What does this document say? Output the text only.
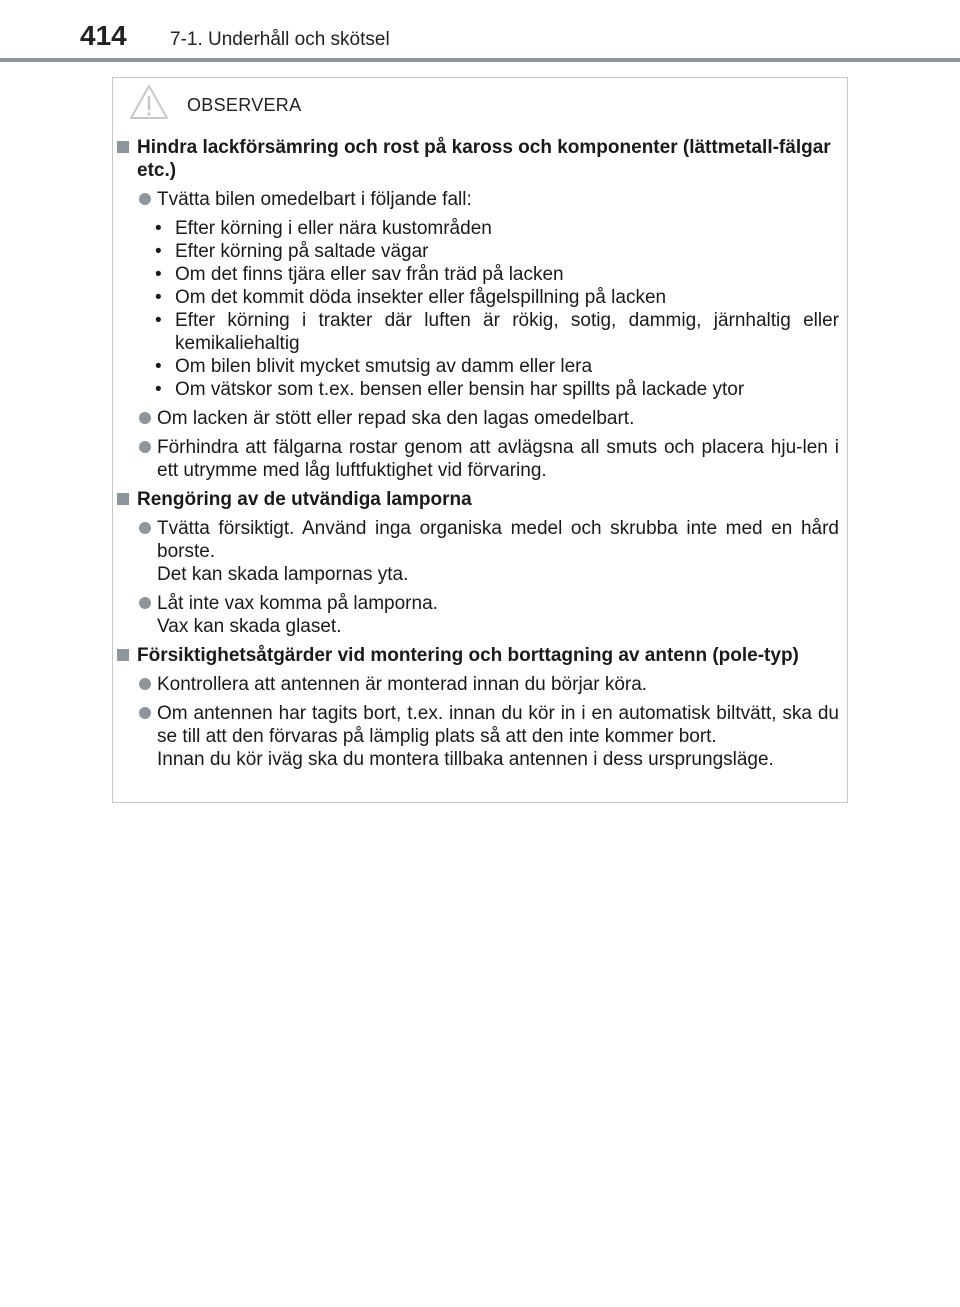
414 7-1. Underhåll och skötsel
OBSERVERA
Hindra lackförsämring och rost på kaross och komponenter (lättmetall-fälgar etc.)
Tvätta bilen omedelbart i följande fall:
• Efter körning i eller nära kustområden
• Efter körning på saltade vägar
• Om det finns tjära eller sav från träd på lacken
• Om det kommit döda insekter eller fågelspillning på lacken
• Efter körning i trakter där luften är rökig, sotig, dammig, järnhaltig eller kemikaliehaltig
• Om bilen blivit mycket smutsig av damm eller lera
• Om vätskor som t.ex. bensen eller bensin har spillts på lackade ytor
Om lacken är stött eller repad ska den lagas omedelbart.
Förhindra att fälgarna rostar genom att avlägsna all smuts och placera hju-len i ett utrymme med låg luftfuktighet vid förvaring.
Rengöring av de utvändiga lamporna
Tvätta försiktigt. Använd inga organiska medel och skrubba inte med en hård borste.
Det kan skada lampornas yta.
Låt inte vax komma på lamporna.
Vax kan skada glaset.
Försiktighetsåtgärder vid montering och borttagning av antenn (pole-typ)
Kontrollera att antennen är monterad innan du börjar köra.
Om antennen har tagits bort, t.ex. innan du kör in i en automatisk biltvätt, ska du se till att den förvaras på lämplig plats så att den inte kommer bort.
Innan du kör iväg ska du montera tillbaka antennen i dess ursprungsläge.
